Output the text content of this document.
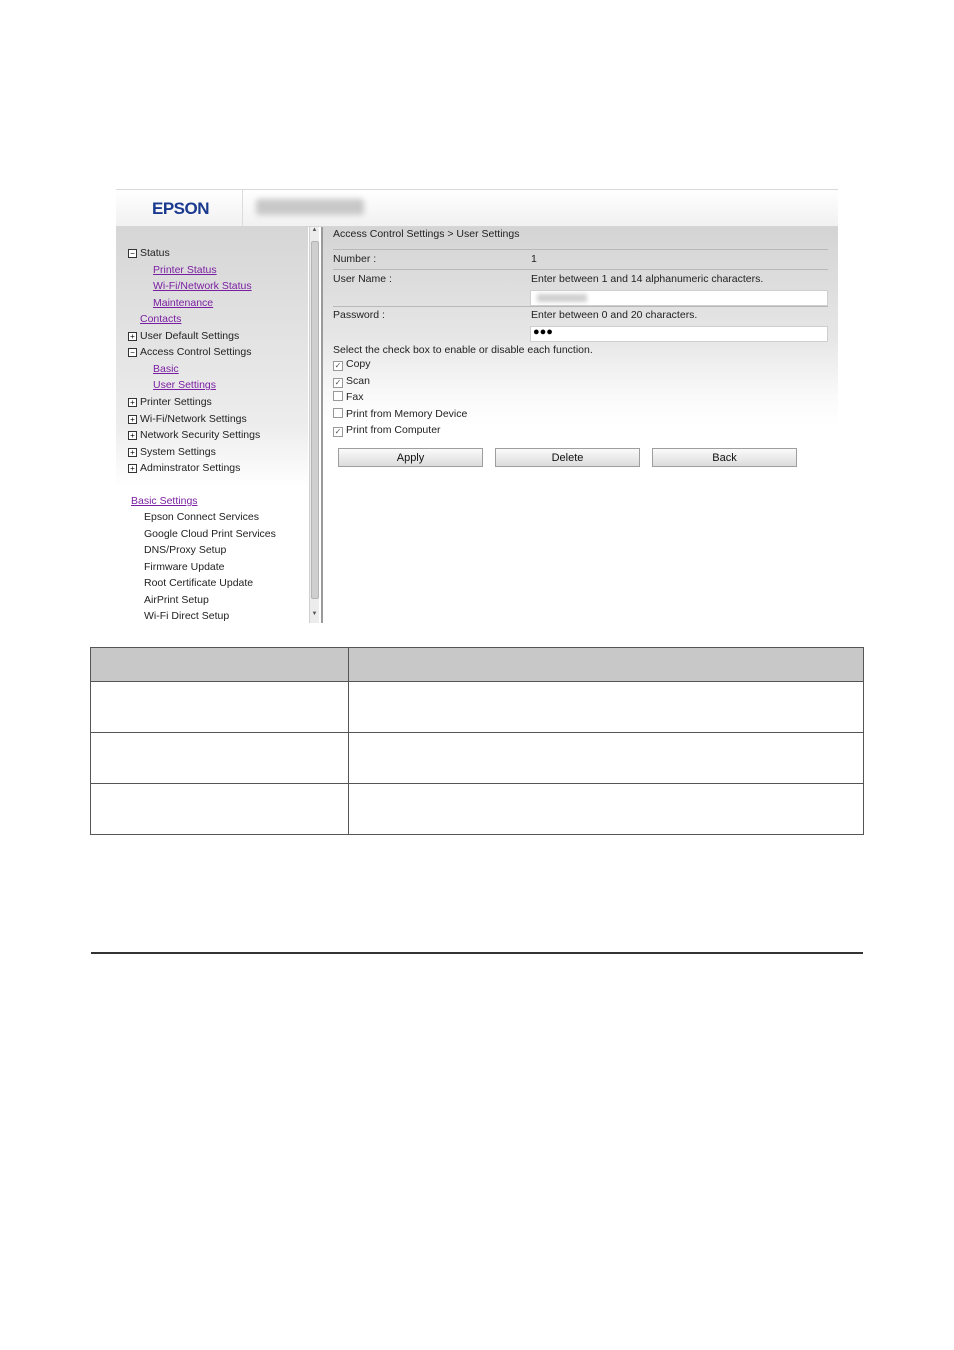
EPSON
− Status
Printer Status
Wi-Fi/Network Status
Maintenance
Contacts
+ User Default Settings
− Access Control Settings
Basic
User Settings
+ Printer Settings
+ Wi-Fi/Network Settings
+ Network Security Settings
+ System Settings
+ Adminstrator Settings
Basic Settings
Epson Connect Services
Google Cloud Print Services
DNS/Proxy Setup
Firmware Update
Root Certificate Update
AirPrint Setup
Wi-Fi Direct Setup
▲
▼
Access Control Settings > User Settings
Number :	1
User Name :	Enter between 1 and 14 alphanumeric characters.
Password :	Enter between 0 and 20 characters.
●●●
Select the check box to enable or disable each function.
✓ Copy
✓ Scan
Fax
Print from Memory Device
✓ Print from Computer
Apply	Delete	Back
